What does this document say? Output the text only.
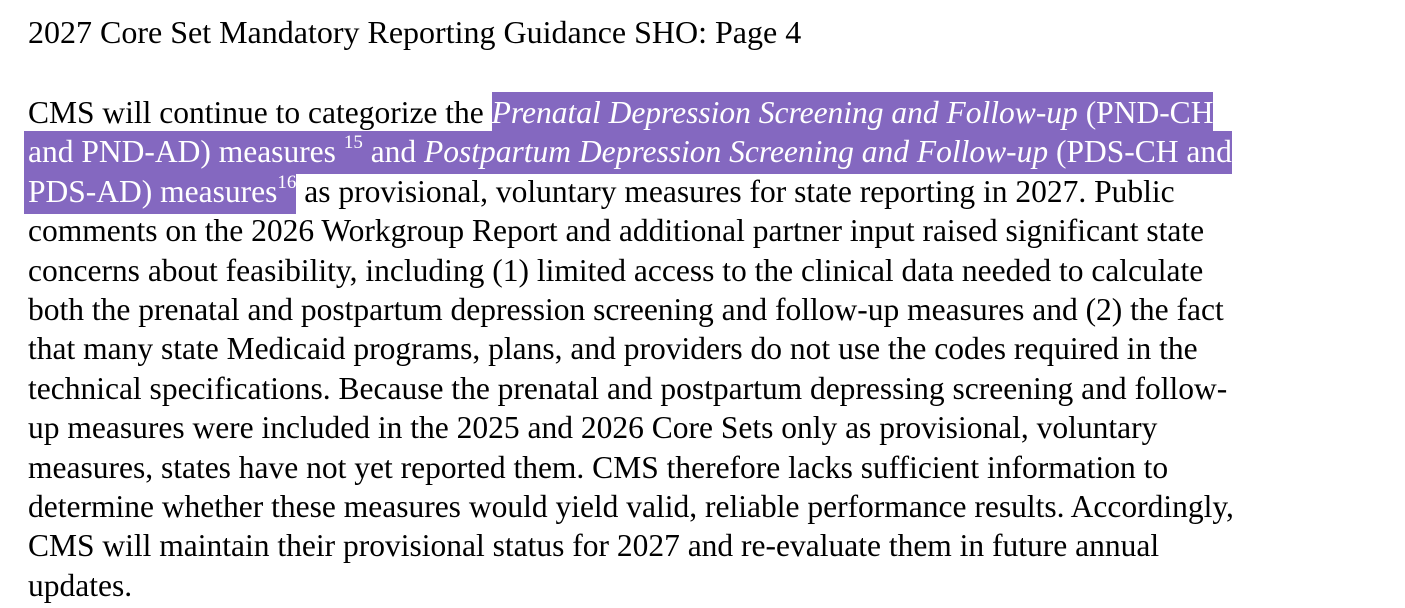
2027 Core Set Mandatory Reporting Guidance SHO: Page 4
CMS will continue to categorize the Prenatal Depression Screening and Follow-up (PND-CH
and PND-AD) measures $^{15}$ and Postpartum Depression Screening and Follow-up (PDS-CH and
PDS-AD) measures$^{16}$ as provisional, voluntary measures for state reporting in 2027. Public
comments on the 2026 Workgroup Report and additional partner input raised significant state
concerns about feasibility, including (1) limited access to the clinical data needed to calculate
both the prenatal and postpartum depression screening and follow-up measures and (2) the fact
that many state Medicaid programs, plans, and providers do not use the codes required in the
technical specifications. Because the prenatal and postpartum depressing screening and follow-
up measures were included in the 2025 and 2026 Core Sets only as provisional, voluntary
measures, states have not yet reported them. CMS therefore lacks sufficient information to
determine whether these measures would yield valid, reliable performance results. Accordingly,
CMS will maintain their provisional status for 2027 and re-evaluate them in future annual
updates.
